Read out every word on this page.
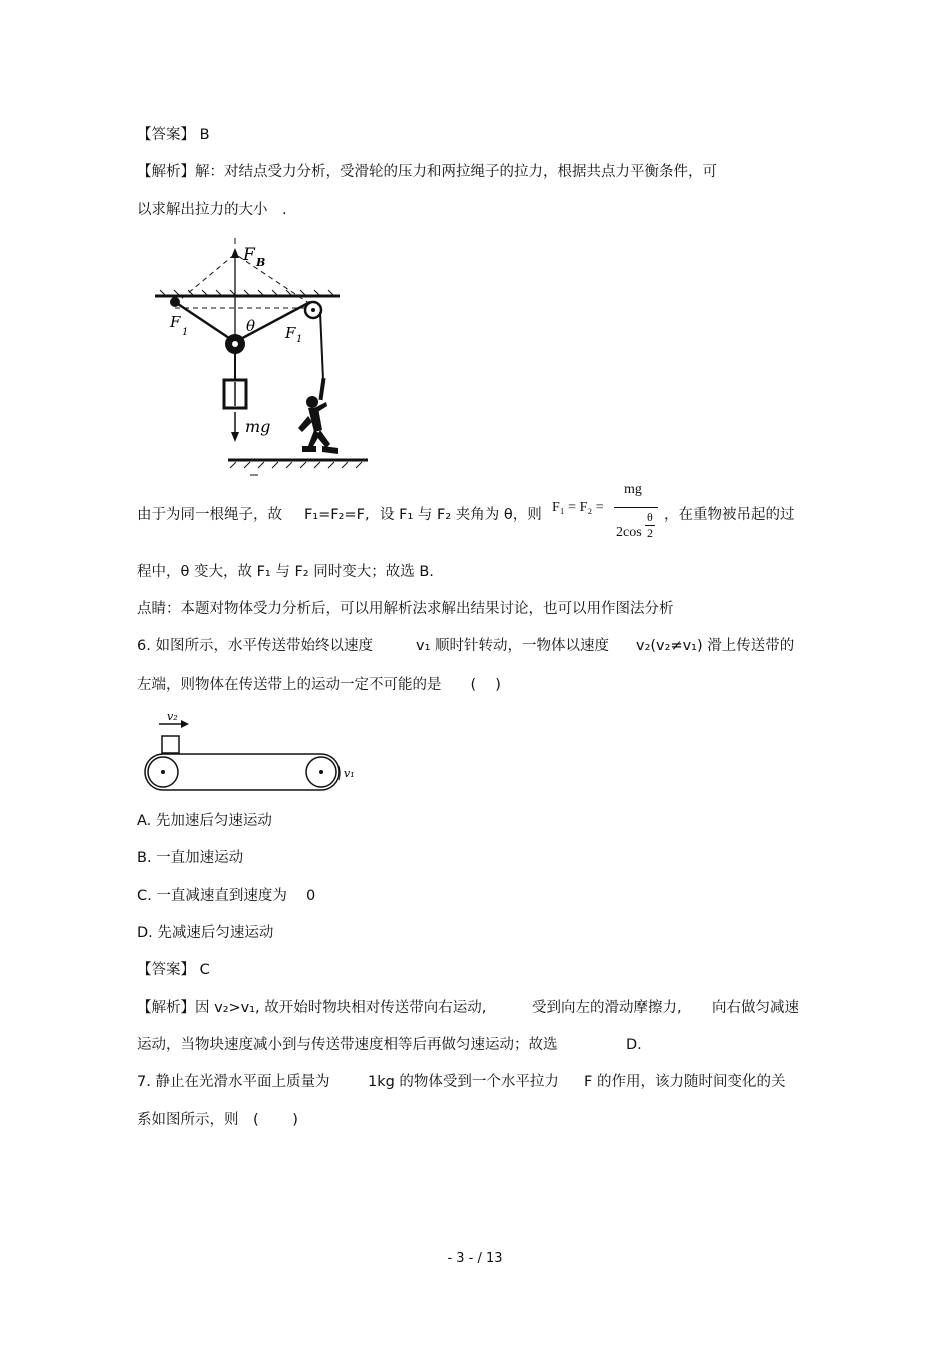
【答案】 B
【解析】解：对结点受力分析，受滑轮的压力和两拉绳子的拉力，根据共点力平衡条件，可
以求解出拉力的大小　.
F B
F
1	F 1
θ
mg
由于为同一根绳子，故 F₁=F₂=F, 设 F₁ 与 F₂ 夹角为 θ，则 F₁ = F₂ =
mg
2cos
θ
2
，在重物被吊起的过
程中，θ 变大，故 F₁ 与 F₂ 同时变大；故选 B.
点睛：本题对物体受力分析后，可以用解析法求解出结果讨论，也可以用作图法分析
6. 如图所示，水平传送带始终以速度	v₁ 顺时针转动，一物体以速度 v₂(v₂≠v₁) 滑上传送带的
左端，则物体在传送带上的运动一定不可能的是　　(　 )
v₂
v₁
A. 先加速后匀速运动
B. 一直加速运动
C. 一直减速直到速度为　 0
D. 先减速后匀速运动
【答案】 C
【解析】因 v₂>v₁, 故开始时物块相对传送带向右运动,	受到向左的滑动摩擦力, 向右做匀减速
运动，当物块速度减小到与传送带速度相等后再做匀速运动；故选	D.
7. 静止在光滑水平面上质量为	1kg 的物体受到一个水平拉力 F 的作用，该力随时间变化的关
系如图所示，则　(　　 )
- 3 - / 13
